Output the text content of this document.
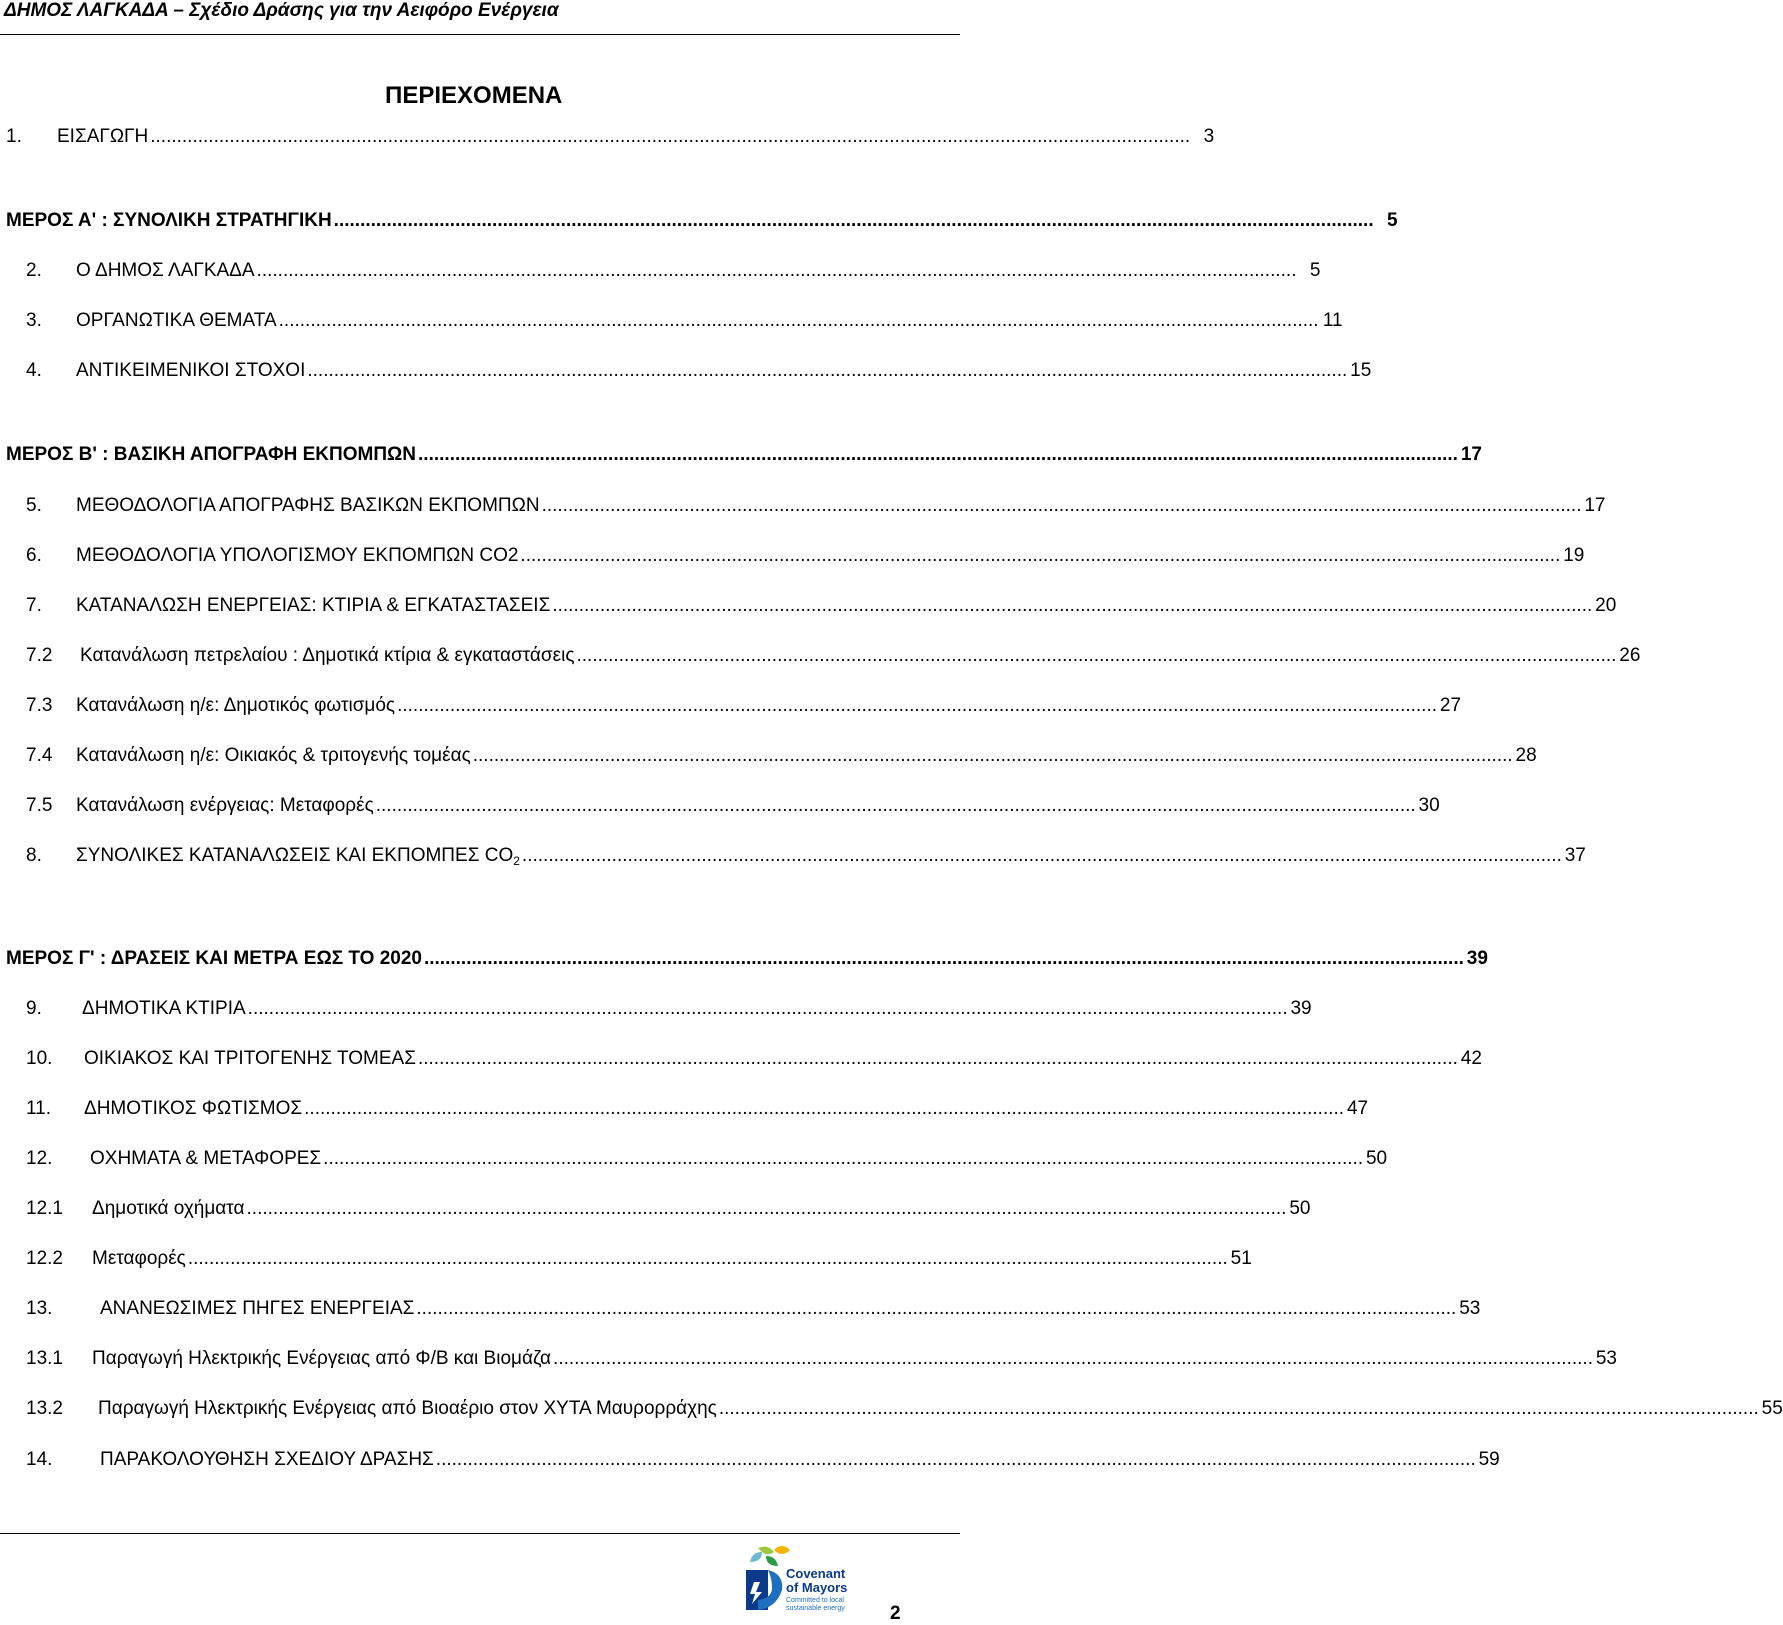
ΔΗΜΟΣ ΛΑΓΚΑΔΑ – Σχέδιο Δράσης για την Αειφόρο Ενέργεια
ΠΕΡΙΕΧΟΜΕΝΑ
1.	ΕΙΣΑΓΩΓΗ ..................................................................................................................................................................................................... 3
ΜΕΡΟΣ Α' : ΣΥΝΟΛΙΚΗ ΣΤΡΑΤΗΓΙΚΗ ..................................................................................................................................................................................................... 5
2.	Ο ΔΗΜΟΣ ΛΑΓΚΑΔΑ ..................................................................................................................................................................................................... 5
3.	ΟΡΓΑΝΩΤΙΚΑ ΘΕΜΑΤΑ ..................................................................................................................................................................................................... 11
4.	ΑΝΤΙΚΕΙΜΕΝΙΚΟΙ ΣΤΟΧΟΙ ..................................................................................................................................................................................................... 15
ΜΕΡΟΣ Β' : ΒΑΣΙΚΗ ΑΠΟΓΡΑΦΗ ΕΚΠΟΜΠΩΝ ..................................................................................................................................................................................................... 17
5.	ΜΕΘΟΔΟΛΟΓΙΑ ΑΠΟΓΡΑΦΗΣ ΒΑΣΙΚΩΝ ΕΚΠΟΜΠΩΝ ..................................................................................................................................................................................................... 17
6.	ΜΕΘΟΔΟΛΟΓΙΑ ΥΠΟΛΟΓΙΣΜΟΥ ΕΚΠΟΜΠΩΝ CO2 ..................................................................................................................................................................................................... 19
7.	ΚΑΤΑΝΑΛΩΣΗ ΕΝΕΡΓΕΙΑΣ: ΚΤΙΡΙΑ & ΕΓΚΑΤΑΣΤΑΣΕΙΣ ..................................................................................................................................................................................................... 20
7.2	Κατανάλωση πετρελαίου : Δημοτικά κτίρια & εγκαταστάσεις ..................................................................................................................................................................................................... 26
7.3	Κατανάλωση η/ε: Δημοτικός φωτισμός ..................................................................................................................................................................................................... 27
7.4	Κατανάλωση η/ε: Οικιακός & τριτογενής τομέας ..................................................................................................................................................................................................... 28
7.5	Κατανάλωση ενέργειας: Μεταφορές ..................................................................................................................................................................................................... 30
8.	ΣΥΝΟΛΙΚΕΣ ΚΑΤΑΝΑΛΩΣΕΙΣ ΚΑΙ ΕΚΠΟΜΠΕΣ $CO_2$ ..................................................................................................................................................................................................... 37
ΜΕΡΟΣ Γ' : ΔΡΑΣΕΙΣ ΚΑΙ ΜΕΤΡΑ ΕΩΣ ΤΟ 2020 ..................................................................................................................................................................................................... 39
9.	ΔΗΜΟΤΙΚΑ ΚΤΙΡΙΑ ..................................................................................................................................................................................................... 39
10.	ΟΙΚΙΑΚΟΣ ΚΑΙ ΤΡΙΤΟΓΕΝΗΣ ΤΟΜΕΑΣ ..................................................................................................................................................................................................... 42
11.	ΔΗΜΟΤΙΚΟΣ ΦΩΤΙΣΜΟΣ ..................................................................................................................................................................................................... 47
12.	ΟΧΗΜΑΤΑ & ΜΕΤΑΦΟΡΕΣ ..................................................................................................................................................................................................... 50
12.1	Δημοτικά οχήματα ..................................................................................................................................................................................................... 50
12.2	Μεταφορές ..................................................................................................................................................................................................... 51
13.	ΑΝΑΝΕΩΣΙΜΕΣ ΠΗΓΕΣ ΕΝΕΡΓΕΙΑΣ ..................................................................................................................................................................................................... 53
13.1	Παραγωγή Ηλεκτρικής Ενέργειας από Φ/Β και Βιομάζα ..................................................................................................................................................................................................... 53
13.2	Παραγωγή Ηλεκτρικής Ενέργειας από Βιοαέριο στον ΧΥΤΑ Μαυρορράχης ..................................................................................................................................................................................................... 55
14.	ΠΑΡΑΚΟΛΟΥΘΗΣΗ ΣΧΕΔΙΟΥ ΔΡΑΣΗΣ ..................................................................................................................................................................................................... 59
Covenant
of Mayors
Committed to local
sustainable energy 2
